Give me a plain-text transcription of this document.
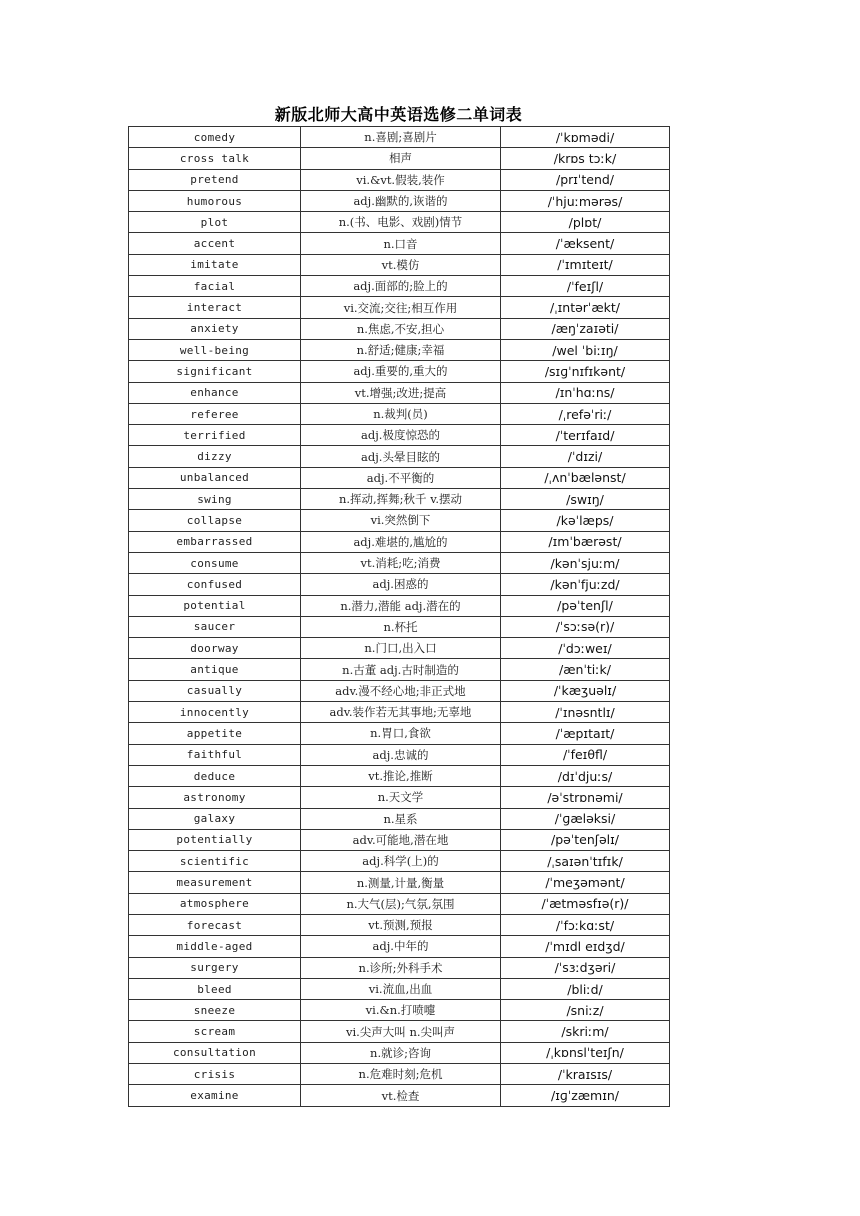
新版北师大高中英语选修二单词表
comedy	n.喜剧;喜剧片	/ˈkɒmədi/
cross talk	相声	/krɒs tɔːk/
pretend	vi.&vt.假装,装作	/prɪˈtend/
humorous	adj.幽默的,诙谐的	/ˈhjuːmərəs/
plot	n.(书、电影、戏剧)情节	/plɒt/
accent	n.口音	/ˈæksent/
imitate	vt.模仿	/ˈɪmɪteɪt/
facial	adj.面部的;脸上的	/ˈfeɪʃl/
interact	vi.交流;交往;相互作用	/ˌɪntərˈækt/
anxiety	n.焦虑,不安,担心	/æŋˈzaɪəti/
well-being	n.舒适;健康;幸福	/wel ˈbiːɪŋ/
significant	adj.重要的,重大的	/sɪɡˈnɪfɪkənt/
enhance	vt.增强;改进;提高	/ɪnˈhɑːns/
referee	n.裁判(员)	/ˌrefəˈriː/
terrified	adj.极度惊恐的	/ˈterɪfaɪd/
dizzy	adj.头晕目眩的	/ˈdɪzi/
unbalanced	adj.不平衡的	/ˌʌnˈbælənst/
swing	n.挥动,挥舞;秋千 v.摆动	/swɪŋ/
collapse	vi.突然倒下	/kəˈlæps/
embarrassed	adj.难堪的,尴尬的	/ɪmˈbærəst/
consume	vt.消耗;吃;消费	/kənˈsjuːm/
confused	adj.困惑的	/kənˈfjuːzd/
potential	n.潜力,潜能 adj.潜在的	/pəˈtenʃl/
saucer	n.杯托	/ˈsɔːsə(r)/
doorway	n.门口,出入口	/ˈdɔːweɪ/
antique	n.古董 adj.古时制造的	/ænˈtiːk/
casually	adv.漫不经心地;非正式地	/ˈkæʒuəlɪ/
innocently	adv.装作若无其事地;无辜地	/ˈɪnəsntlɪ/
appetite	n.胃口,食欲	/ˈæpɪtaɪt/
faithful	adj.忠诚的	/ˈfeɪθfl/
deduce	vt.推论,推断	/dɪˈdjuːs/
astronomy	n.天文学	/əˈstrɒnəmi/
galaxy	n.星系	/ˈɡæləksi/
potentially	adv.可能地,潜在地	/pəˈtenʃəlɪ/
scientific	adj.科学(上)的	/ˌsaɪənˈtɪfɪk/
measurement	n.测量,计量,衡量	/ˈmeʒəmənt/
atmosphere	n.大气(层);气氛,氛围	/ˈætməsfɪə(r)/
forecast	vt.预测,预报	/ˈfɔːkɑːst/
middle-aged	adj.中年的	/ˈmɪdl eɪdʒd/
surgery	n.诊所;外科手术	/ˈsɜːdʒəri/
bleed	vi.流血,出血	/bliːd/
sneeze	vi.&n.打喷嚏	/sniːz/
scream	vi.尖声大叫 n.尖叫声	/skriːm/
consultation	n.就诊;咨询	/ˌkɒnslˈteɪʃn/
crisis	n.危难时刻;危机	/ˈkraɪsɪs/
examine	vt.检查	/ɪɡˈzæmɪn/
